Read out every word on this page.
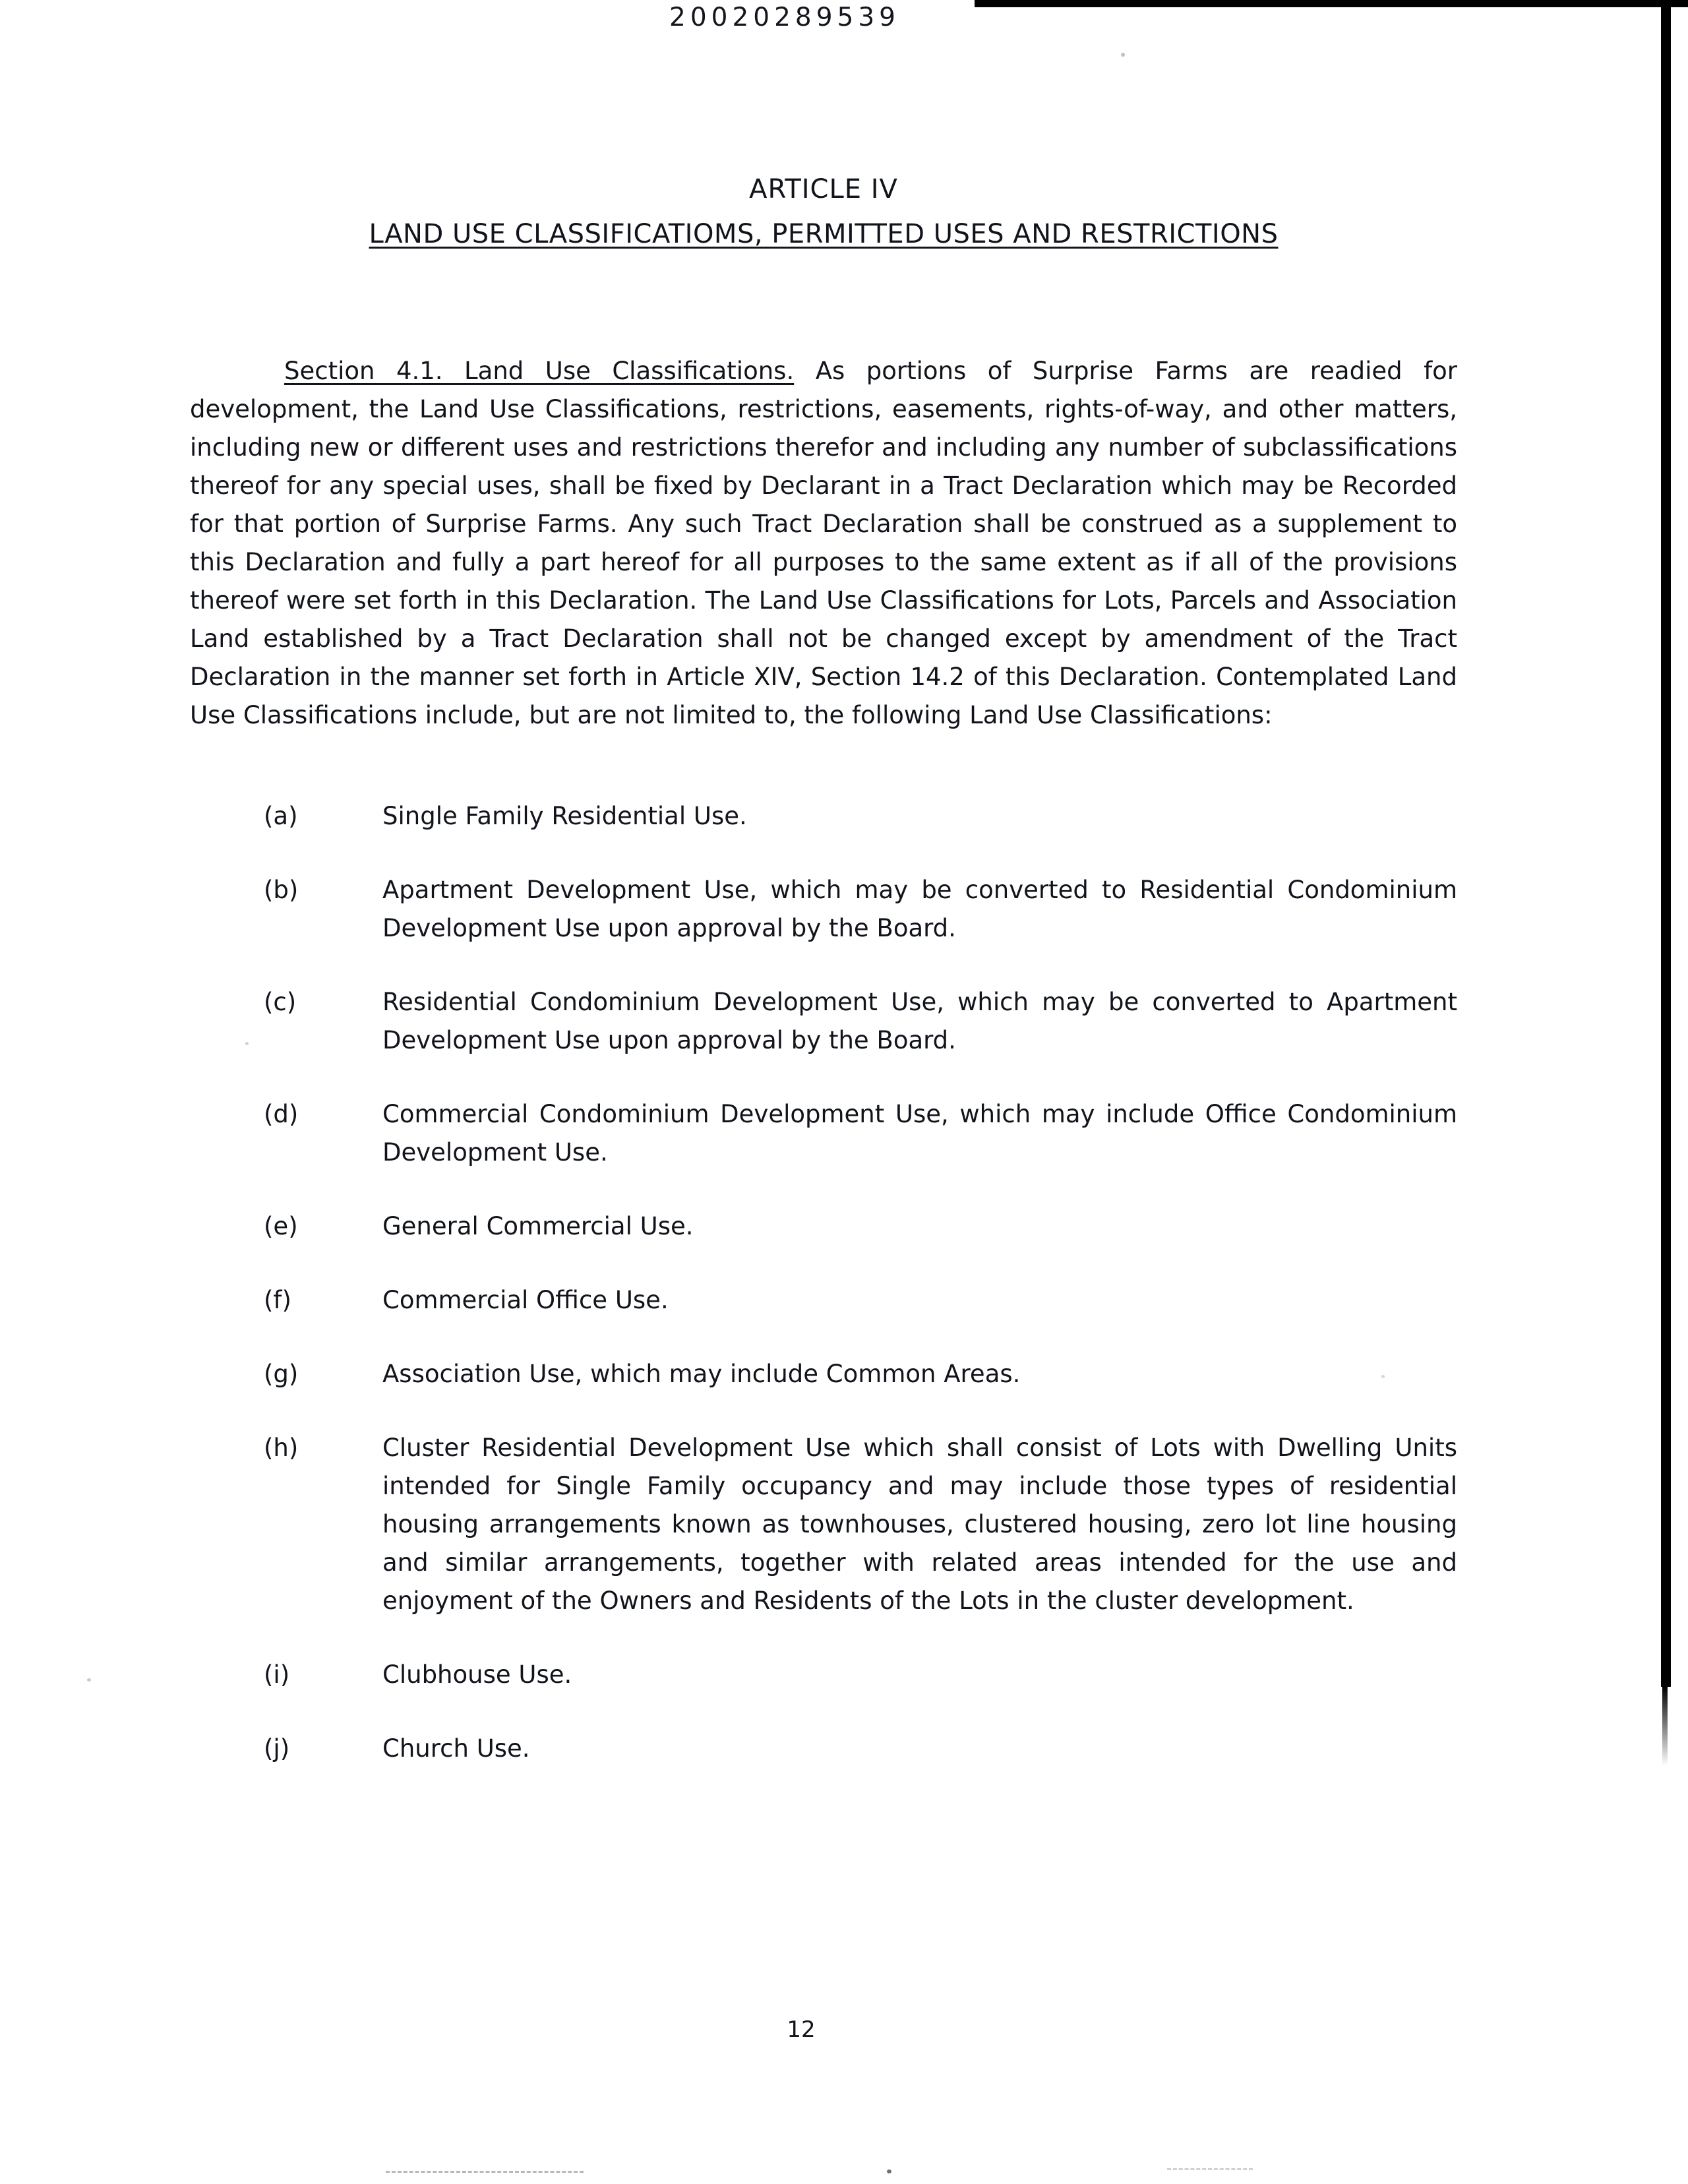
20020289539
ARTICLE IV
LAND USE CLASSIFICATIOMS, PERMITTED USES AND RESTRICTIONS

Section 4.1. Land Use Classifications. As portions of Surprise Farms are readied for development, the Land Use Classifications, restrictions, easements, rights-of-way, and other matters, including new or different uses and restrictions therefor and including any number of subclassifications thereof for any special uses, shall be fixed by Declarant in a Tract Declaration which may be Recorded for that portion of Surprise Farms. Any such Tract Declaration shall be construed as a supplement to this Declaration and fully a part hereof for all purposes to the same extent as if all of the provisions thereof were set forth in this Declaration. The Land Use Classifications for Lots, Parcels and Association Land established by a Tract Declaration shall not be changed except by amendment of the Tract Declaration in the manner set forth in Article XIV, Section 14.2 of this Declaration. Contemplated Land Use Classifications include, but are not limited to, the following Land Use Classifications:

(a)	Single Family Residential Use.
(b)	Apartment Development Use, which may be converted to Residential Condominium Development Use upon approval by the Board.
(c)	Residential Condominium Development Use, which may be converted to Apartment Development Use upon approval by the Board.
(d)	Commercial Condominium Development Use, which may include Office Condominium Development Use.
(e)	General Commercial Use.
(f)	Commercial Office Use.
(g)	Association Use, which may include Common Areas.
(h)	Cluster Residential Development Use which shall consist of Lots with Dwelling Units intended for Single Family occupancy and may include those types of residential housing arrangements known as townhouses, clustered housing, zero lot line housing and similar arrangements, together with related areas intended for the use and enjoyment of the Owners and Residents of the Lots in the cluster development.
(i)	Clubhouse Use.
(j)	Church Use.
12
